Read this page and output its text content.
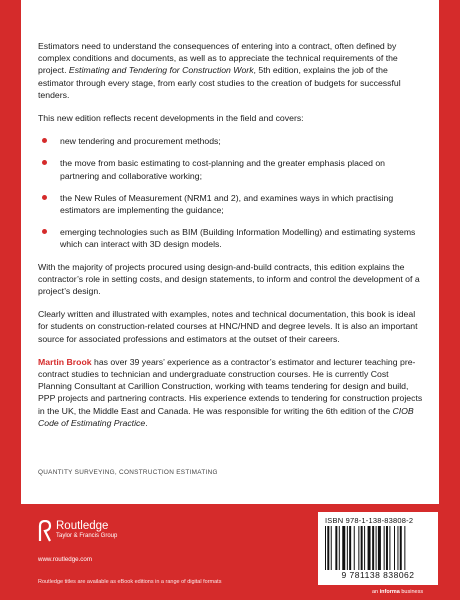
Estimators need to understand the consequences of entering into a contract, often defined by complex conditions and documents, as well as to appreciate the technical requirements of the project. Estimating and Tendering for Construction Work, 5th edition, explains the job of the estimator through every stage, from early cost studies to the creation of budgets for successful tenders.

This new edition reflects recent developments in the field and covers:

new tendering and procurement methods;
the move from basic estimating to cost-planning and the greater emphasis placed on partnering and collaborative working;
the New Rules of Measurement (NRM1 and 2), and examines ways in which practising estimators are implementing the guidance;
emerging technologies such as BIM (Building Information Modelling) and estimating systems which can interact with 3D design models.

With the majority of projects procured using design-and-build contracts, this edition explains the contractor’s role in setting costs, and design statements, to inform and control the development of a project’s design.

Clearly written and illustrated with examples, notes and technical documentation, this book is ideal for students on construction-related courses at HNC/HND and degree levels. It is also an important source for associated professions and estimators at the outset of their careers.

Martin Brook has over 39 years’ experience as a contractor’s estimator and lecturer teaching pre-contract studies to technician and undergraduate construction courses. He is currently Cost Planning Consultant at Carillion Construction, working with teams tendering for design and build, PPP projects and partnering contracts. His experience extends to tendering for construction projects in the UK, the Middle East and Canada. He was responsible for writing the 6th edition of the CIOB Code of Estimating Practice.

QUANTITY SURVEYING, CONSTRUCTION ESTIMATING
Routledge
Taylor & Francis Group
www.routledge.com
Routledge titles are available as eBook editions in a range of digital formats
ISBN 978-1-138-83808-2
9 781138 838062
an informa business
